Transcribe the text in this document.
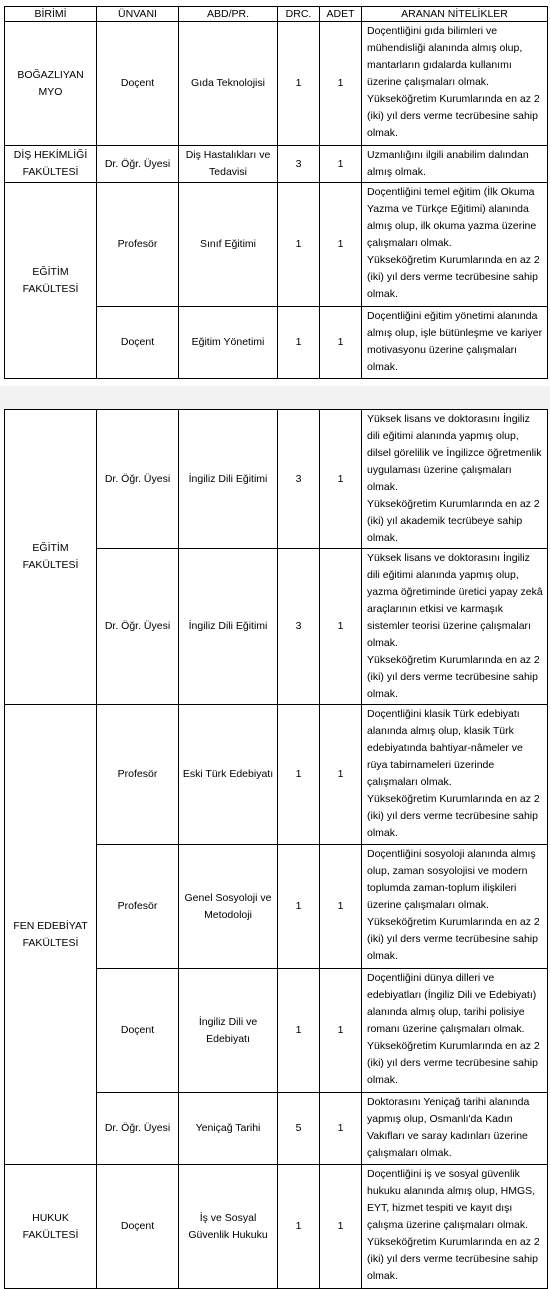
BİRİMİ	ÜNVANI	ABD/PR.	DRC.	ADET	ARANAN NİTELİKLER
BOĞAZLIYAN MYO	Doçent	Gıda Teknolojisi	1	1	Doçentliğini gıda bilimleri ve mühendisliği alanında almış olup, mantarların gıdalarda kullanımı üzerine çalışmaları olmak.
Yükseköğretim Kurumlarında en az 2 (iki) yıl ders verme tecrübesine sahip olmak.

DİŞ HEKİMLİĞİ FAKÜLTESİ	Dr. Öğr. Üyesi	Diş Hastalıkları ve Tedavisi	3	1	Uzmanlığını ilgili anabilim dalından almış olmak.

EĞİTİM FAKÜLTESİ	Profesör	Sınıf Eğitimi	1	1	Doçentliğini temel eğitim (İlk Okuma Yazma ve Türkçe Eğitimi) alanında almış olup, ilk okuma yazma üzerine çalışmaları olmak.
Yükseköğretim Kurumlarında en az 2 (iki) yıl ders verme tecrübesine sahip olmak.

	Doçent	Eğitim Yönetimi	1	1	Doçentliğini eğitim yönetimi alanında almış olup, işle bütünleşme ve kariyer motivasyonu üzerine çalışmaları olmak.
EĞİTİM FAKÜLTESİ	Dr. Öğr. Üyesi	İngiliz Dili Eğitimi	3	1	Yüksek lisans ve doktorasını İngiliz dili eğitimi alanında yapmış olup, dilsel görelilik ve İngilizce öğretmenlik uygulaması üzerine çalışmaları olmak.
Yükseköğretim Kurumlarında en az 2 (iki) yıl akademik tecrübeye sahip olmak.

	Dr. Öğr. Üyesi	İngiliz Dili Eğitimi	3	1	Yüksek lisans ve doktorasını İngiliz dili eğitimi alanında yapmış olup, yazma öğretiminde üretici yapay zekâ araçlarının etkisi ve karmaşık sistemler teorisi üzerine çalışmaları olmak.
Yükseköğretim Kurumlarında en az 2 (iki) yıl ders verme tecrübesine sahip olmak.

FEN EDEBİYAT FAKÜLTESİ	Profesör	Eski Türk Edebiyatı	1	1	Doçentliğini klasik Türk edebiyatı alanında almış olup, klasik Türk edebiyatında bahtiyar-nâmeler ve rüya tabirnameleri üzerinde çalışmaları olmak.
Yükseköğretim Kurumlarında en az 2 (iki) yıl ders verme tecrübesine sahip olmak.

	Profesör	Genel Sosyoloji ve Metodoloji	1	1	Doçentliğini sosyoloji alanında almış olup, zaman sosyolojisi ve modern toplumda zaman-toplum ilişkileri üzerine çalışmaları olmak.
Yükseköğretim Kurumlarında en az 2 (iki) yıl ders verme tecrübesine sahip olmak.

	Doçent	İngiliz Dili ve Edebiyatı	1	1	Doçentliğini dünya dilleri ve edebiyatları (İngiliz Dili ve Edebiyatı) alanında almış olup, tarihi polisiye romanı üzerine çalışmaları olmak.
Yükseköğretim Kurumlarında en az 2 (iki) yıl ders verme tecrübesine sahip olmak.

	Dr. Öğr. Üyesi	Yeniçağ Tarihi	5	1	Doktorasını Yeniçağ tarihi alanında yapmış olup, Osmanlı'da Kadın Vakıfları ve saray kadınları üzerine çalışmaları olmak.

HUKUK FAKÜLTESİ	Doçent	İş ve Sosyal Güvenlik Hukuku	1	1	Doçentliğini iş ve sosyal güvenlik hukuku alanında almış olup, HMGS, EYT, hizmet tespiti ve kayıt dışı çalışma üzerine çalışmaları olmak.
Yükseköğretim Kurumlarında en az 2 (iki) yıl ders verme tecrübesine sahip olmak.
